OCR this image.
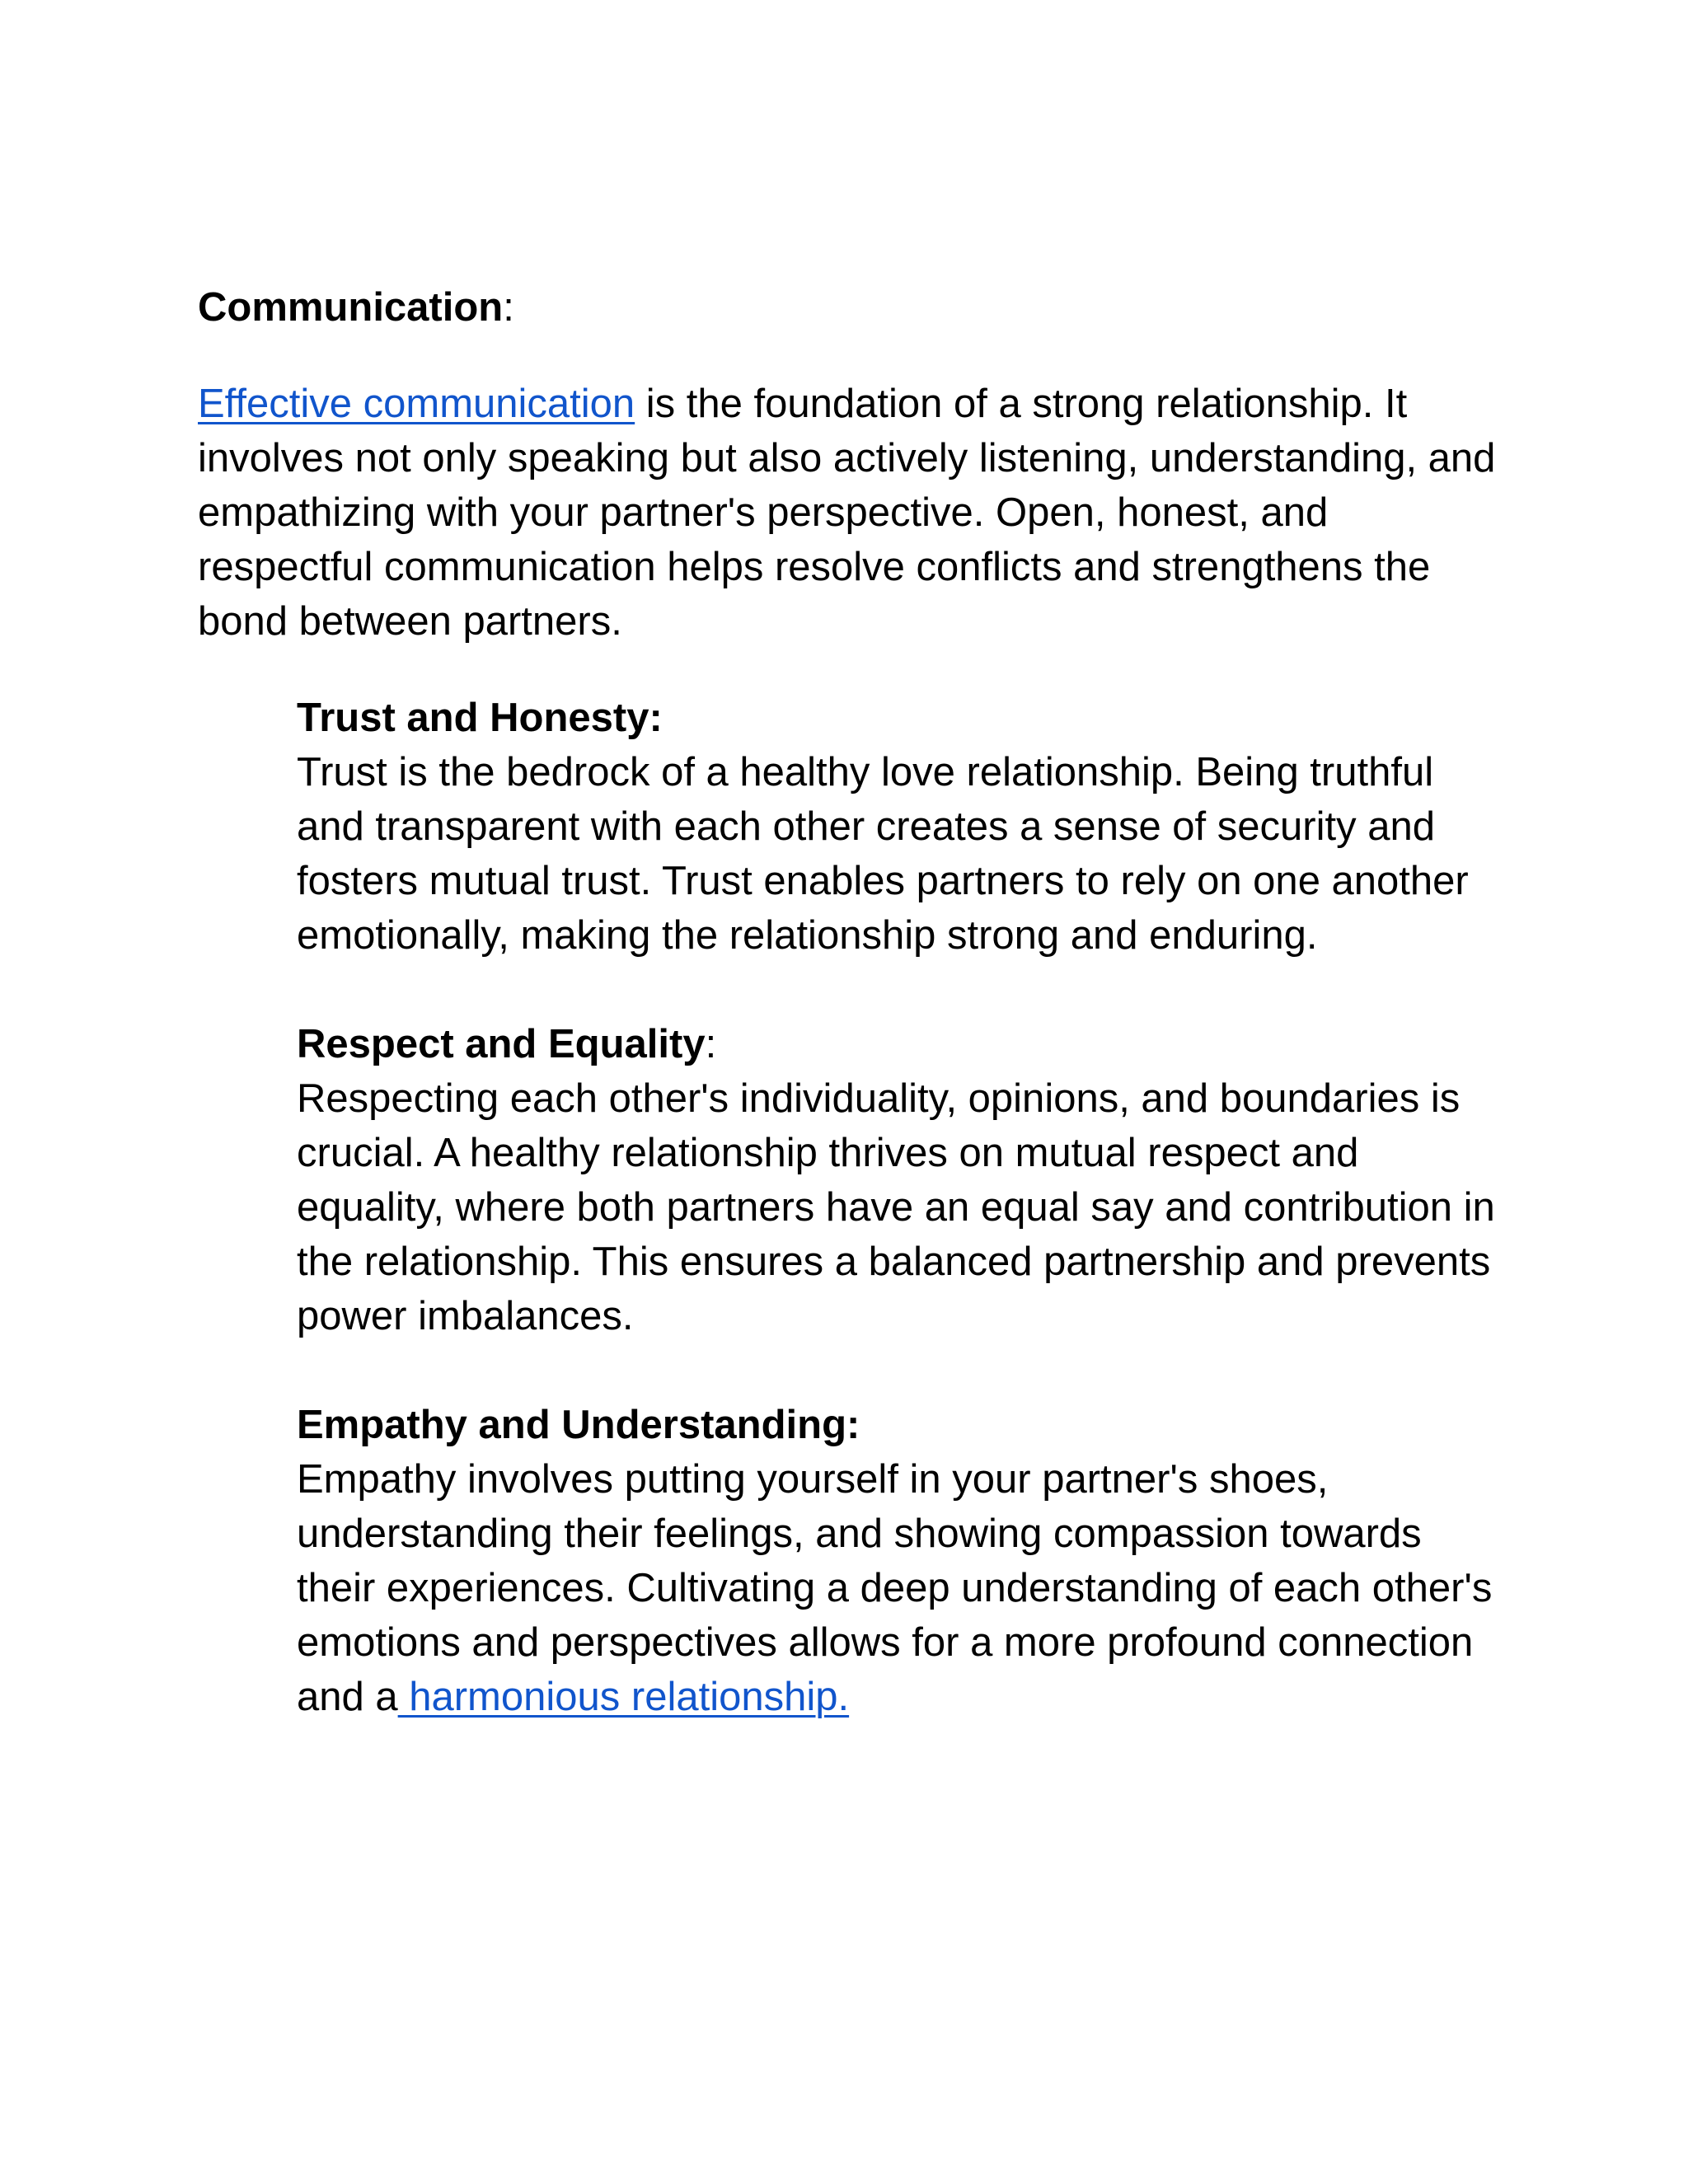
Communication:

Effective communication is the foundation of a strong relationship. It involves not only speaking but also actively listening, understanding, and empathizing with your partner's perspective. Open, honest, and respectful communication helps resolve conflicts and strengthens the bond between partners.

Trust and Honesty:

Trust is the bedrock of a healthy love relationship. Being truthful and transparent with each other creates a sense of security and fosters mutual trust. Trust enables partners to rely on one another emotionally, making the relationship strong and enduring.

Respect and Equality:

Respecting each other's individuality, opinions, and boundaries is crucial. A healthy relationship thrives on mutual respect and equality, where both partners have an equal say and contribution in the relationship. This ensures a balanced partnership and prevents power imbalances.

Empathy and Understanding:

Empathy involves putting yourself in your partner's shoes, understanding their feelings, and showing compassion towards their experiences. Cultivating a deep understanding of each other's emotions and perspectives allows for a more profound connection and a harmonious relationship.
